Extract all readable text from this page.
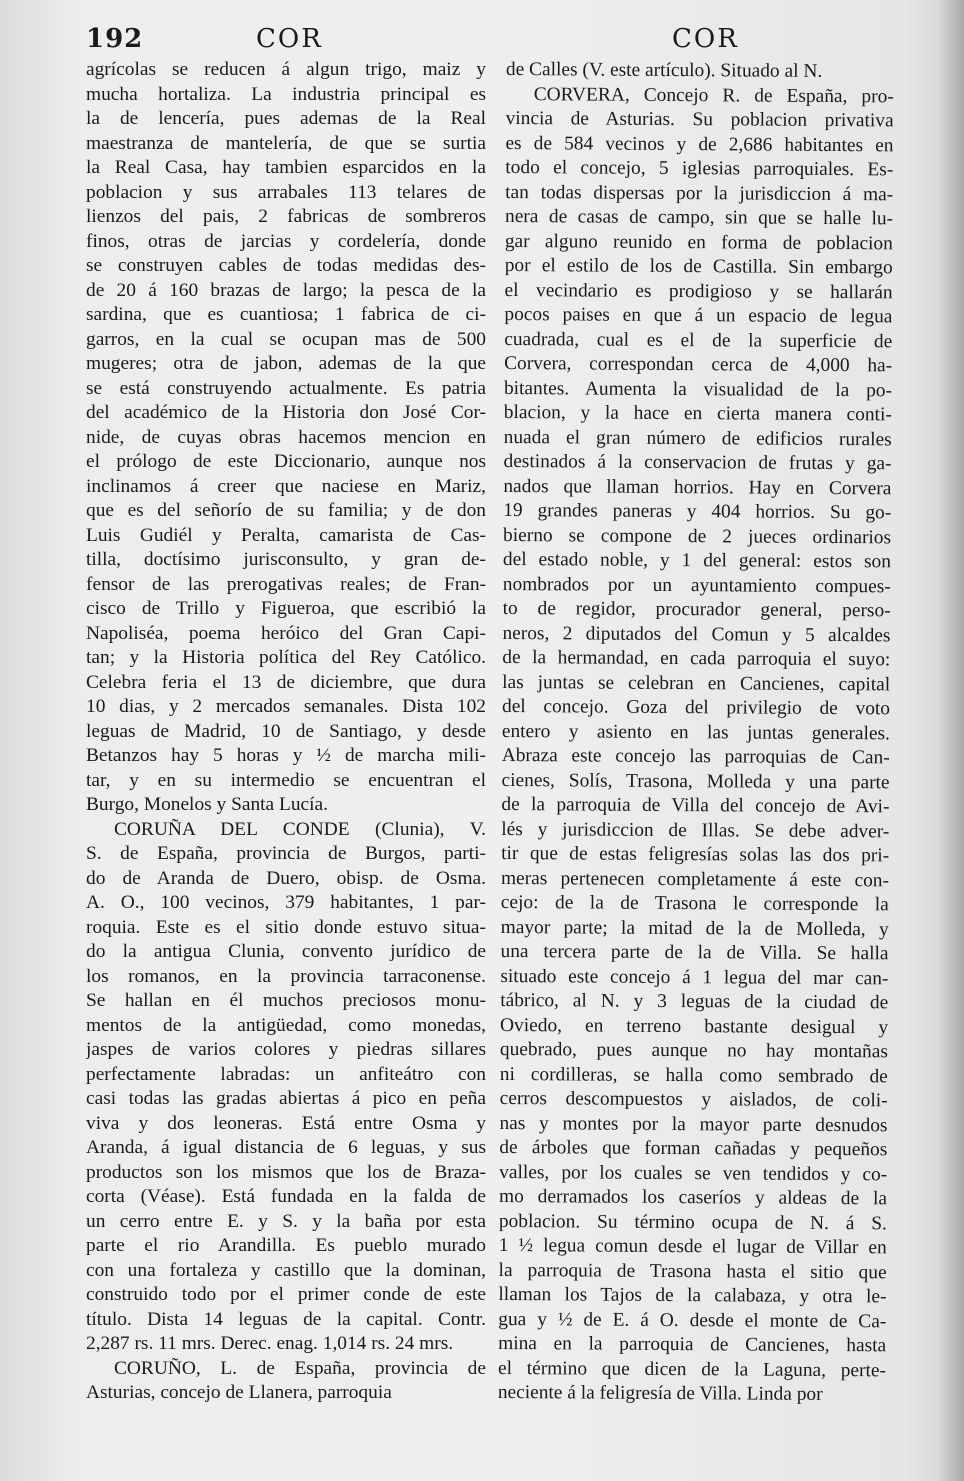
192	COR	COR
agrícolas se reducen á algun trigo, maiz y
mucha hortaliza. La industria principal es
la de lencería, pues ademas de la Real
maestranza de mantelería, de que se surtia
la Real Casa, hay tambien esparcidos en la
poblacion y sus arrabales 113 telares de
lienzos del pais, 2 fabricas de sombreros
finos, otras de jarcias y cordelería, donde
se construyen cables de todas medidas des-
de 20 á 160 brazas de largo; la pesca de la
sardina, que es cuantiosa; 1 fabrica de ci-
garros, en la cual se ocupan mas de 500
mugeres; otra de jabon, ademas de la que
se está construyendo actualmente. Es patria
del académico de la Historia don José Cor-
nide, de cuyas obras hacemos mencion en
el prólogo de este Diccionario, aunque nos
inclinamos á creer que naciese en Mariz,
que es del señorío de su familia; y de don
Luis Gudiél y Peralta, camarista de Cas-
tilla, doctísimo jurisconsulto, y gran de-
fensor de las prerogativas reales; de Fran-
cisco de Trillo y Figueroa, que escribió la
Napoliséa, poema heróico del Gran Capi-
tan; y la Historia política del Rey Católico.
Celebra feria el 13 de diciembre, que dura
10 dias, y 2 mercados semanales. Dista 102
leguas de Madrid, 10 de Santiago, y desde
Betanzos hay 5 horas y ½ de marcha mili-
tar, y en su intermedio se encuentran el
Burgo, Monelos y Santa Lucía.
CORUÑA DEL CONDE (Clunia), V.
S. de España, provincia de Burgos, parti-
do de Aranda de Duero, obisp. de Osma.
A. O., 100 vecinos, 379 habitantes, 1 par-
roquia. Este es el sitio donde estuvo situa-
do la antigua Clunia, convento jurídico de
los romanos, en la provincia tarraconense.
Se hallan en él muchos preciosos monu-
mentos de la antigüedad, como monedas,
jaspes de varios colores y piedras sillares
perfectamente labradas: un anfiteátro con
casi todas las gradas abiertas á pico en peña
viva y dos leoneras. Está entre Osma y
Aranda, á igual distancia de 6 leguas, y sus
productos son los mismos que los de Braza-
corta (Véase). Está fundada en la falda de
un cerro entre E. y S. y la baña por esta
parte el rio Arandilla. Es pueblo murado
con una fortaleza y castillo que la dominan,
construido todo por el primer conde de este
título. Dista 14 leguas de la capital. Contr.
2,287 rs. 11 mrs. Derec. enag. 1,014 rs. 24 mrs.
CORUÑO, L. de España, provincia de
Asturias, concejo de Llanera, parroquia
de Calles (V. este artículo). Situado al N.
CORVERA, Concejo R. de España, pro-
vincia de Asturias. Su poblacion privativa
es de 584 vecinos y de 2,686 habitantes en
todo el concejo, 5 iglesias parroquiales. Es-
tan todas dispersas por la jurisdiccion á ma-
nera de casas de campo, sin que se halle lu-
gar alguno reunido en forma de poblacion
por el estilo de los de Castilla. Sin embargo
el vecindario es prodigioso y se hallarán
pocos paises en que á un espacio de legua
cuadrada, cual es el de la superficie de
Corvera, correspondan cerca de 4,000 ha-
bitantes. Aumenta la visualidad de la po-
blacion, y la hace en cierta manera conti-
nuada el gran número de edificios rurales
destinados á la conservacion de frutas y ga-
nados que llaman horrios. Hay en Corvera
19 grandes paneras y 404 horrios. Su go-
bierno se compone de 2 jueces ordinarios
del estado noble, y 1 del general: estos son
nombrados por un ayuntamiento compues-
to de regidor, procurador general, perso-
neros, 2 diputados del Comun y 5 alcaldes
de la hermandad, en cada parroquia el suyo:
las juntas se celebran en Cancienes, capital
del concejo. Goza del privilegio de voto
entero y asiento en las juntas generales.
Abraza este concejo las parroquias de Can-
cienes, Solís, Trasona, Molleda y una parte
de la parroquia de Villa del concejo de Avi-
lés y jurisdiccion de Illas. Se debe adver-
tir que de estas feligresías solas las dos pri-
meras pertenecen completamente á este con-
cejo: de la de Trasona le corresponde la
mayor parte; la mitad de la de Molleda, y
una tercera parte de la de Villa. Se halla
situado este concejo á 1 legua del mar can-
tábrico, al N. y 3 leguas de la ciudad de
Oviedo, en terreno bastante desigual y
quebrado, pues aunque no hay montañas
ni cordilleras, se halla como sembrado de
cerros descompuestos y aislados, de coli-
nas y montes por la mayor parte desnudos
de árboles que forman cañadas y pequeños
valles, por los cuales se ven tendidos y co-
mo derramados los caseríos y aldeas de la
poblacion. Su término ocupa de N. á S.
1 ½ legua comun desde el lugar de Villar en
la parroquia de Trasona hasta el sitio que
llaman los Tajos de la calabaza, y otra le-
gua y ½ de E. á O. desde el monte de Ca-
mina en la parroquia de Cancienes, hasta
el término que dicen de la Laguna, perte-
neciente á la feligresía de Villa. Linda por
